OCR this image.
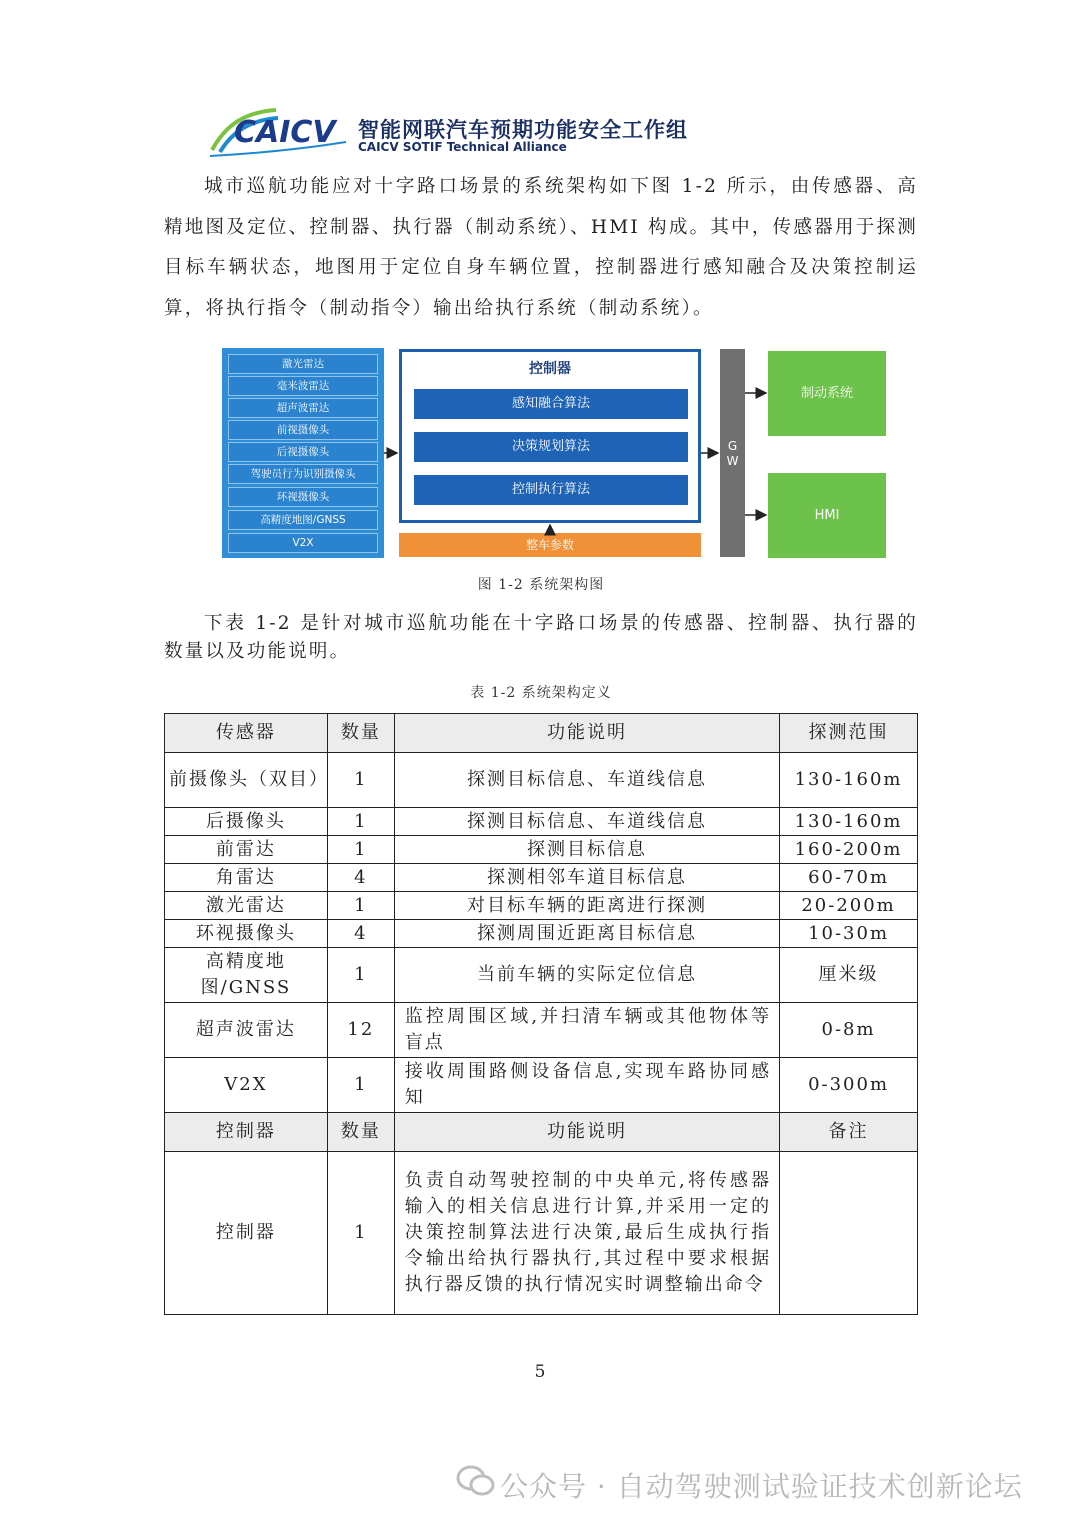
CAICV 智能网联汽车预期功能安全工作组
CAICV SOTIF Technical Alliance
城市巡航功能应对十字路口场景的系统架构如下图 1-2 所示，由传感器、高精地图及定位、控制器、执行器（制动系统）、HMI 构成。其中，传感器用于探测目标车辆状态，地图用于定位自身车辆位置，控制器进行感知融合及决策控制运算，将执行指令（制动指令）输出给执行系统（制动系统）。
激光雷达
毫米波雷达
超声波雷达
前视摄像头
后视摄像头
驾驶员行为识别摄像头
环视摄像头
高精度地图/GNSS
V2X
控制器
感知融合算法
决策规划算法
控制执行算法
整车参数
G
W
制动系统
HMI
图 1-2 系统架构图
下表 1-2 是针对城市巡航功能在十字路口场景的传感器、控制器、执行器的数量以及功能说明。
表 1-2 系统架构定义
传感器	数量	功能说明	探测范围
前摄像头（双目）	1	探测目标信息、车道线信息	130-160m
后摄像头	1	探测目标信息、车道线信息	130-160m
前雷达	1	探测目标信息	160-200m
角雷达	4	探测相邻车道目标信息	60-70m
激光雷达	1	对目标车辆的距离进行探测	20-200m
环视摄像头	4	探测周围近距离目标信息	10-30m
高精度地图/GNSS	1	当前车辆的实际定位信息	厘米级
超声波雷达	12	监控周围区域,并扫清车辆或其他物体等盲点	0-8m
V2X	1	接收周围路侧设备信息,实现车路协同感知	0-300m
控制器	数量	功能说明	备注
控制器	1	负责自动驾驶控制的中央单元,将传感器输入的相关信息进行计算,并采用一定的决策控制算法进行决策,最后生成执行指令输出给执行器执行,其过程中要求根据执行器反馈的执行情况实时调整输出命令	
5
公众号 · 自动驾驶测试验证技术创新论坛
